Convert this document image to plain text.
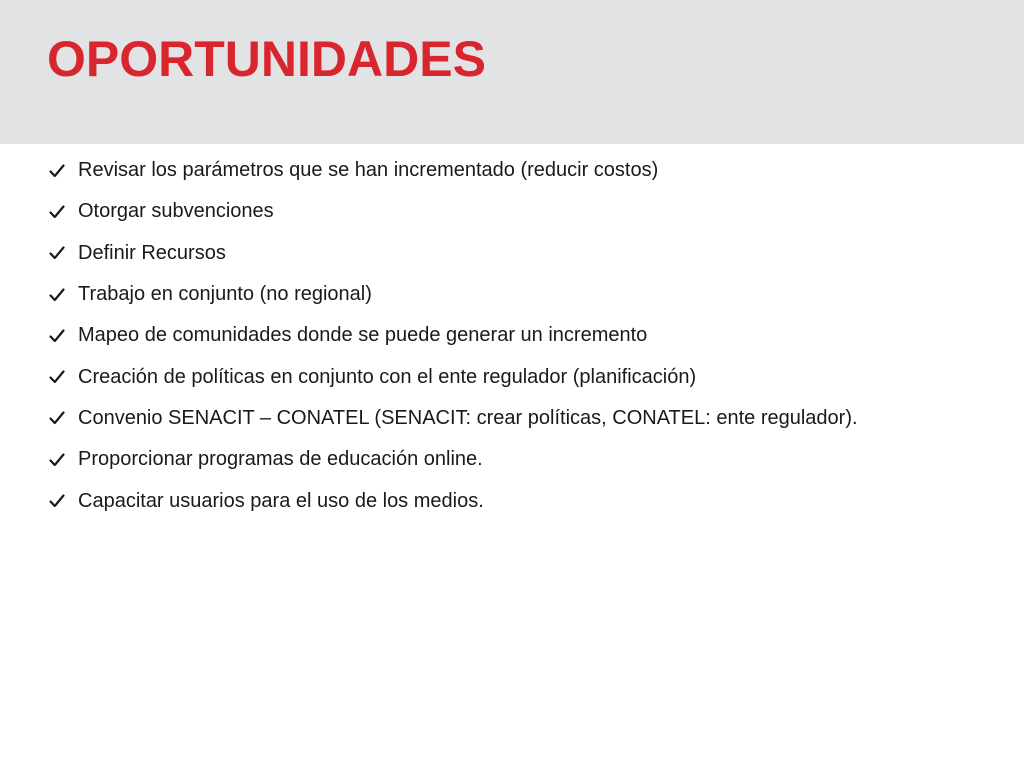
OPORTUNIDADES
Revisar los parámetros que se han incrementado (reducir costos)
Otorgar subvenciones
Definir Recursos
Trabajo en conjunto (no regional)
Mapeo de comunidades donde se puede generar un incremento
Creación de políticas en conjunto con el ente regulador (planificación)
Convenio SENACIT – CONATEL (SENACIT: crear políticas, CONATEL: ente regulador).
Proporcionar programas de educación online.
Capacitar usuarios para el uso de los medios.
